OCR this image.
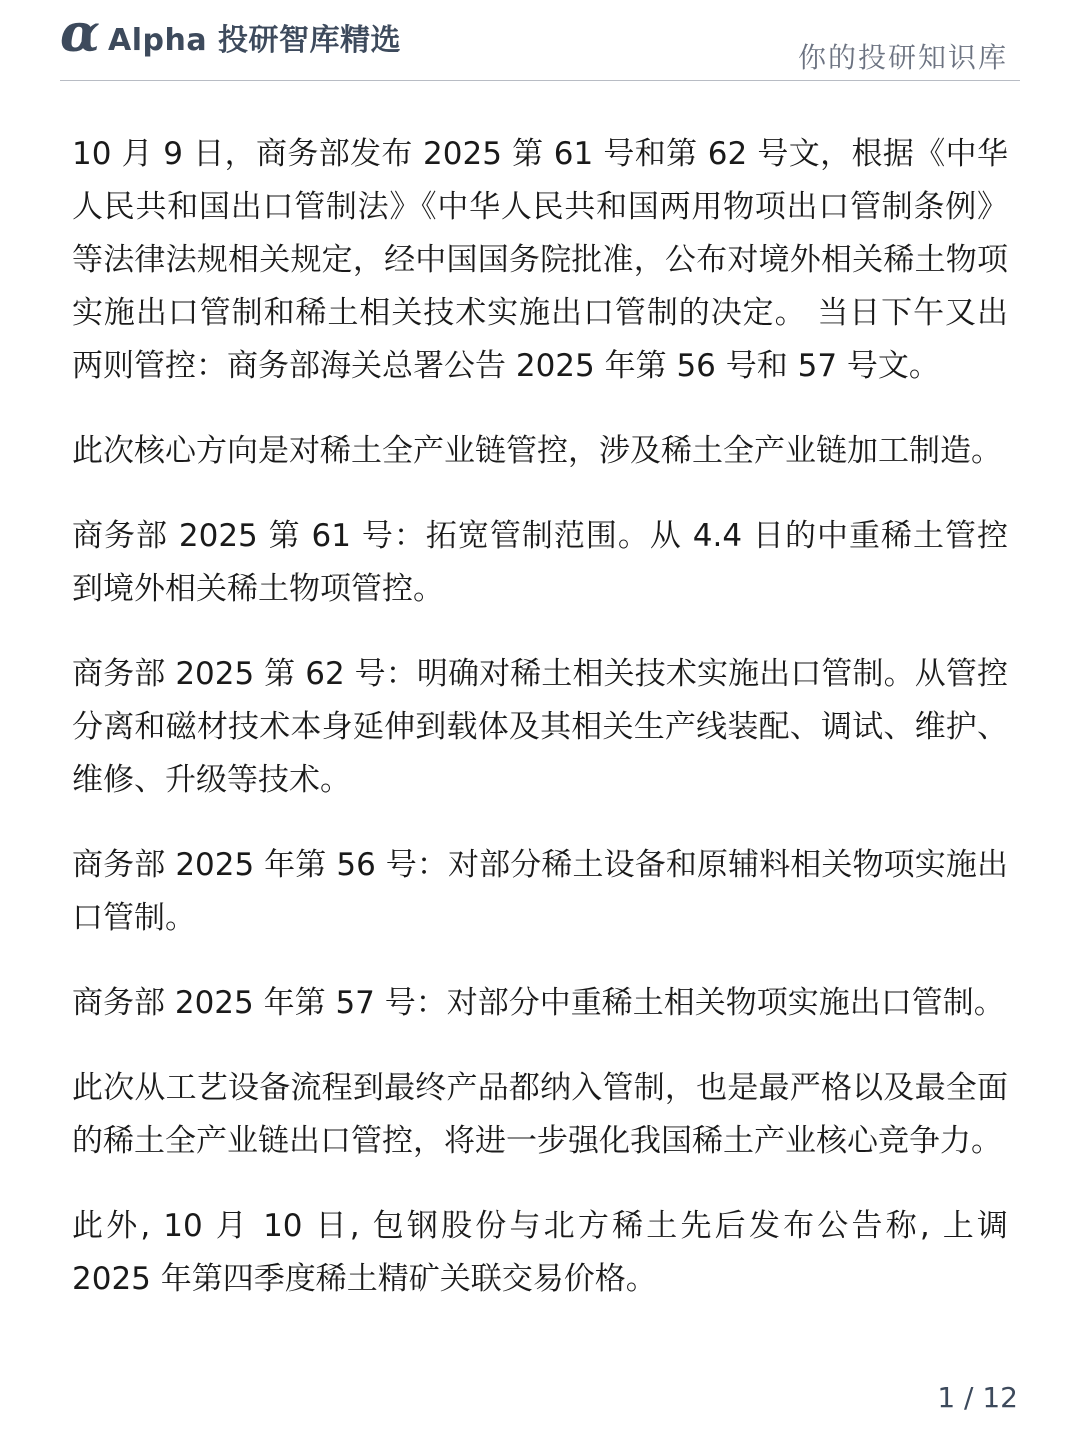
α Alpha 投研智库精选	你的投研知识库

10 月 9 日，商务部发布 2025 第 61 号和第 62 号文，根据《中华人民共和国出口管制法》《中华人民共和国两用物项出口管制条例》等法律法规相关规定，经中国国务院批准，公布对境外相关稀土物项实施出口管制和稀土相关技术实施出口管制的决定。 当日下午又出两则管控：商务部海关总署公告 2025 年第 56 号和 57 号文。

此次核心方向是对稀土全产业链管控，涉及稀土全产业链加工制造。

商务部 2025 第 61 号：拓宽管制范围。从 4.4 日的中重稀土管控到境外相关稀土物项管控。

商务部 2025 第 62 号：明确对稀土相关技术实施出口管制。从管控分离和磁材技术本身延伸到载体及其相关生产线装配、调试、维护、维修、升级等技术。

商务部 2025 年第 56 号：对部分稀土设备和原辅料相关物项实施出口管制。

商务部 2025 年第 57 号：对部分中重稀土相关物项实施出口管制。

此次从工艺设备流程到最终产品都纳入管制，也是最严格以及最全面的稀土全产业链出口管控，将进一步强化我国稀土产业核心竞争力。

此外, 10 月 10 日, 包钢股份与北方稀土先后发布公告称, 上调 2025 年第四季度稀土精矿关联交易价格。

1 / 12
